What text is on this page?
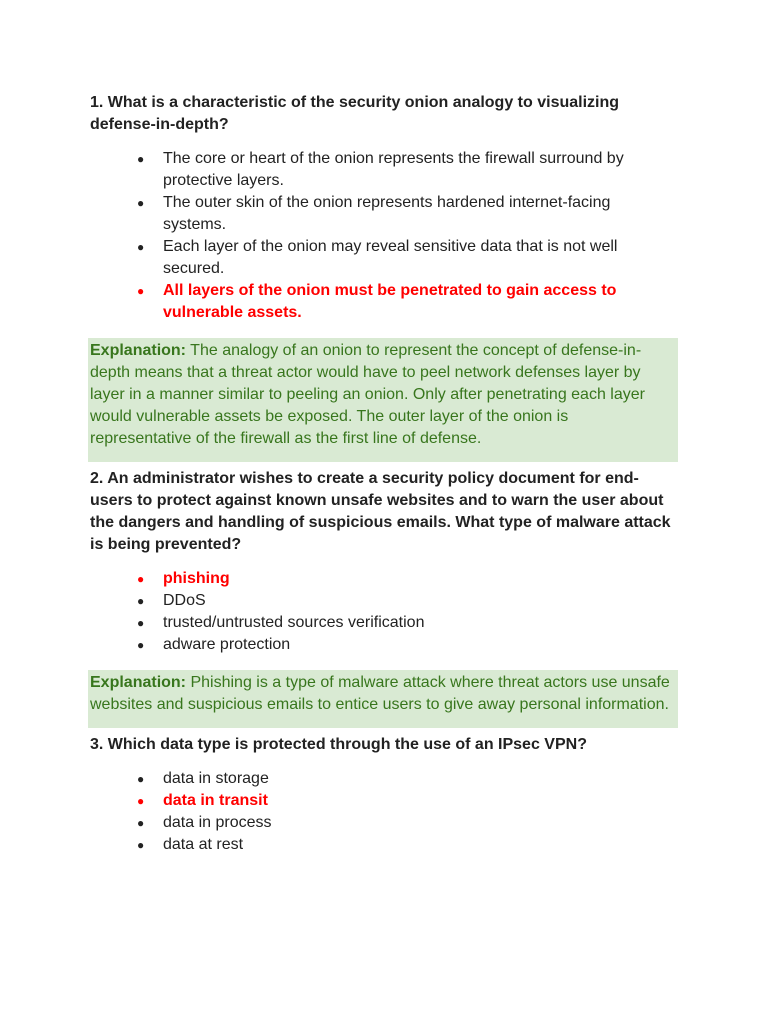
1. What is a characteristic of the security onion analogy to visualizing defense-in-depth?

● The core or heart of the onion represents the firewall surround by protective layers.
● The outer skin of the onion represents hardened internet-facing systems.
● Each layer of the onion may reveal sensitive data that is not well secured.
● All layers of the onion must be penetrated to gain access to vulnerable assets.
Explanation: The analogy of an onion to represent the concept of defense-in-depth means that a threat actor would have to peel network defenses layer by layer in a manner similar to peeling an onion. Only after penetrating each layer would vulnerable assets be exposed. The outer layer of the onion is representative of the firewall as the first line of defense.

2. An administrator wishes to create a security policy document for end-users to protect against known unsafe websites and to warn the user about the dangers and handling of suspicious emails. What type of malware attack is being prevented?

● phishing
● DDoS
● trusted/untrusted sources verification
● adware protection
Explanation: Phishing is a type of malware attack where threat actors use unsafe websites and suspicious emails to entice users to give away personal information.

3. Which data type is protected through the use of an IPsec VPN?

● data in storage
● data in transit
● data in process
● data at rest
